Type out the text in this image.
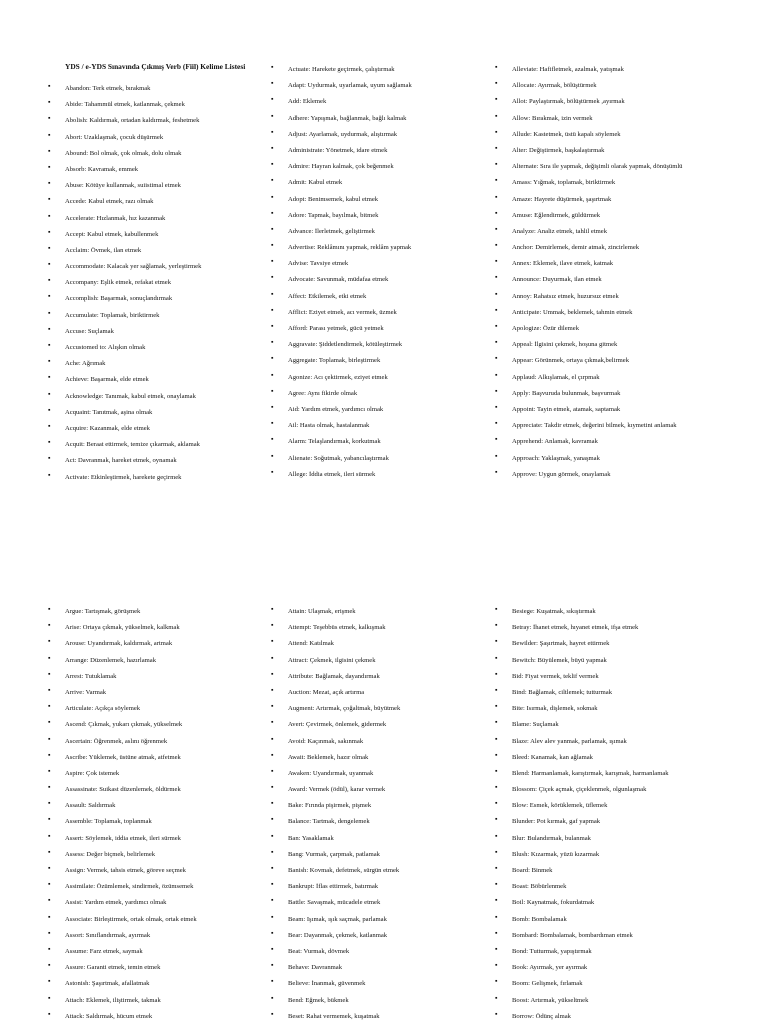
YDS / e-YDS Sınavında Çıkmış Verb (Fiil) Kelime Listesi
▪ Abandon: Terk etmek, bırakmak
▪ Abide: Tahammül etmek, katlanmak, çekmek
▪ Abolish: Kaldırmak, ortadan kaldırmak, feshetmek
▪ Abort: Uzaklaşmak, çocuk düşürmek
▪ Abound: Bol olmak, çok olmak, dolu olmak
▪ Absorb: Kavramak, emmek
▪ Abuse: Kötüye kullanmak, suiistimal etmek
▪ Accede: Kabul etmek, razı olmak
▪ Accelerate: Hızlanmak, hız kazanmak
▪ Accept: Kabul etmek, kabullenmek
▪ Acclaim: Övmek, ilan etmek
▪ Accommodate: Kalacak yer sağlamak, yerleştirmek
▪ Accompany: Eşlik etmek, refakat etmek
▪ Accomplish: Başarmak, sonuçlandırmak
▪ Accumulate: Toplamak, biriktirmek
▪ Accuse: Suçlamak
▪ Accustomed to: Alışkın olmak
▪ Ache: Ağrımak
▪ Achieve: Başarmak, elde etmek
▪ Acknowledge: Tanımak, kabul etmek, onaylamak
▪ Acquaint: Tanıtmak, aşina olmak
▪ Acquire: Kazanmak, elde etmek
▪ Acquit: Beraat ettirmek, temize çıkarmak, aklamak
▪ Act: Davranmak, hareket etmek, oynamak
▪ Activate: Etkinleştirmek, harekete geçirmek
▪ Actuate: Harekete geçirmek, çalıştırmak
▪ Adapt: Uydurmak, uyarlamak, uyum sağlamak
▪ Add: Eklemek
▪ Adhere: Yapışmak, bağlanmak, bağlı kalmak
▪ Adjust: Ayarlamak, uydurmak, alıştırmak
▪ Administrate: Yönetmek, idare etmek
▪ Admire: Hayran kalmak, çok beğenmek
▪ Admit: Kabul etmek
▪ Adopt: Benimsemek, kabul etmek
▪ Adore: Tapmak, bayılmak, bitmek
▪ Advance: İlerletmek, geliştirmek
▪ Advertise: Reklâmını yapmak, reklâm yapmak
▪ Advise: Tavsiye etmek
▪ Advocate: Savunmak, müdafaa etmek
▪ Affect: Etkilemek, etki etmek
▪ Afflict: Eziyet etmek, acı vermek, üzmek
▪ Afford: Parası yetmek, gücü yetmek
▪ Aggravate: Şiddetlendirmek, kötüleştirmek
▪ Aggregate: Toplamak, birleştirmek
▪ Agonize: Acı çektirmek, eziyet etmek
▪ Agree: Aynı fikirde olmak
▪ Aid: Yardım etmek, yardımcı olmak
▪ Ail: Hasta olmak, hastalanmak
▪ Alarm: Telaşlandırmak, korkutmak
▪ Alienate: Soğutmak, yabancılaştırmak
▪ Allege: İddia etmek, ileri sürmek
▪ Alleviate: Hafifletmek, azalmak, yatışmak
▪ Allocate: Ayırmak, bölüştürmek
▪ Allot: Paylaştırmak, bölüştürmek ,ayırmak
▪ Allow: Bırakmak, izin vermek
▪ Allude: Kastetmek, üstü kapalı söylemek
▪ Alter: Değiştirmek, başkalaştırmak
▪ Alternate: Sıra ile yapmak, değişimli olarak yapmak, dönüşümlü
▪ Amass: Yığmak, toplamak, biriktirmek
▪ Amaze: Hayrete düşürmek, şaşırtmak
▪ Amuse: Eğlendirmek, güldürmek
▪ Analyze: Analiz etmek, tahlil etmek
▪ Anchor: Demirlemek, demir atmak, zincirlemek
▪ Annex: Eklemek, ilave etmek, katmak
▪ Announce: Duyurmak, ilan etmek
▪ Annoy: Rahatsız etmek, huzursuz etmek
▪ Anticipate: Ummak, beklemek, tahmin etmek
▪ Apologize: Özür dilemek
▪ Appeal: İlgisini çekmek, hoşuna gitmek
▪ Appear: Görünmek, ortaya çıkmak,belirmek
▪ Applaud: Alkışlamak, el çırpmak
▪ Apply: Başvuruda bulunmak, başvurmak
▪ Appoint: Tayin etmek, atamak, saptamak
▪ Appreciate: Takdir etmek, değerini bilmek, kıymetini anlamak
▪ Apprehend: Anlamak, kavramak
▪ Approach: Yaklaşmak, yanaşmak
▪ Approve: Uygun görmek, onaylamak
▪ Argue: Tartışmak, görüşmek
▪ Arise: Ortaya çıkmak, yükselmek, kalkmak
▪ Arouse: Uyandırmak, kaldırmak, artmak
▪ Arrange: Düzenlemek, hazırlamak
▪ Arrest: Tutuklamak
▪ Arrive: Varmak
▪ Articulate: Açıkça söylemek
▪ Ascend: Çıkmak, yukarı çıkmak, yükselmek
▪ Ascertain: Öğrenmek, aslını öğrenmek
▪ Ascribe: Yüklemek, üstüne atmak, atfetmek
▪ Aspire: Çok istemek
▪ Assassinate: Suikast düzenlemek, öldürmek
▪ Assault: Saldırmak
▪ Assemble: Toplamak, toplanmak
▪ Assert: Söylemek, iddia etmek, ileri sürmek
▪ Assess: Değer biçmek, belirlemek
▪ Assign: Vermek, tahsis etmek, göreve seçmek
▪ Assimilate: Özümlemek, sindirmek, özümsemek
▪ Assist: Yardım etmek, yardımcı olmak
▪ Associate: Birleştirmek, ortak olmak, ortak etmek
▪ Assort: Sınıflandırmak, ayırmak
▪ Assume: Farz etmek, saymak
▪ Assure: Garanti etmek, temin etmek
▪ Astonish: Şaşırtmak, afallatmak
▪ Attach: Eklemek, iliştirmek, takmak
▪ Attack: Saldırmak, hücum etmek
▪ Attain: Ulaşmak, erişmek
▪ Attempt: Teşebbüs etmek, kalkışmak
▪ Attend: Katılmak
▪ Attract: Çekmek, ilgisini çekmek
▪ Attribute: Bağlamak, dayandırmak
▪ Auction: Mezat, açık artırma
▪ Augment: Artırmak, çoğaltmak, büyütmek
▪ Avert: Çevirmek, önlemek, gidermek
▪ Avoid: Kaçınmak, sakınmak
▪ Await: Beklemek, hazır olmak
▪ Awaken: Uyandırmak, uyanmak
▪ Award: Vermek (ödül), karar vermek
▪ Bake: Fırında pişirmek, pişmek
▪ Balance: Tartmak, dengelemek
▪ Ban: Yasaklamak
▪ Bang: Vurmak, çarpmak, patlamak
▪ Banish: Kovmak, defetmek, sürgün etmek
▪ Bankrupt: İflas ettirmek, batırmak
▪ Battle: Savaşmak, mücadele etmek
▪ Beam: Işımak, ışık saçmak, parlamak
▪ Bear: Dayanmak, çekmek, katlanmak
▪ Beat: Vurmak, dövmek
▪ Behave: Davranmak
▪ Believe: İnanmak, güvenmek
▪ Bend: Eğmek, bükmek
▪ Beset: Rahat vermemek, kuşatmak
▪ Besiege: Kuşatmak, sıkıştırmak
▪ Betray: İhanet etmek, hıyanet etmek, ifşa etmek
▪ Bewilder: Şaşırtmak, hayret ettirmek
▪ Bewitch: Büyülemek, büyü yapmak
▪ Bid: Fiyat vermek, teklif vermek
▪ Bind: Bağlamak, ciltlemek; tutturmak
▪ Bite: Isırmak, dişlemek, sokmak
▪ Blame: Suçlamak
▪ Blaze: Alev alev yanmak, parlamak, ışımak
▪ Bleed: Kanamak, kan ağlamak
▪ Blend: Harmanlamak, karıştırmak, karışmak, harmanlamak
▪ Blossom: Çiçek açmak, çiçeklenmek, olgunlaşmak
▪ Blow: Esmek, körüklemek, üflemek
▪ Blunder: Pot kırmak, gaf yapmak
▪ Blur: Bulandırmak, bulanmak
▪ Blush: Kızarmak, yüzü kızarmak
▪ Board: Binmek
▪ Boast: Böbürlenmek
▪ Boil: Kaynatmak, fokurdatmak
▪ Bomb: Bombalamak
▪ Bombard: Bombalamak, bombardıman etmek
▪ Bond: Tutturmak, yapıştırmak
▪ Book: Ayırmak, yer ayırmak
▪ Boom: Gelişmek, fırlamak
▪ Boost: Artırmak, yükseltmek
▪ Borrow: Ödünç almak
